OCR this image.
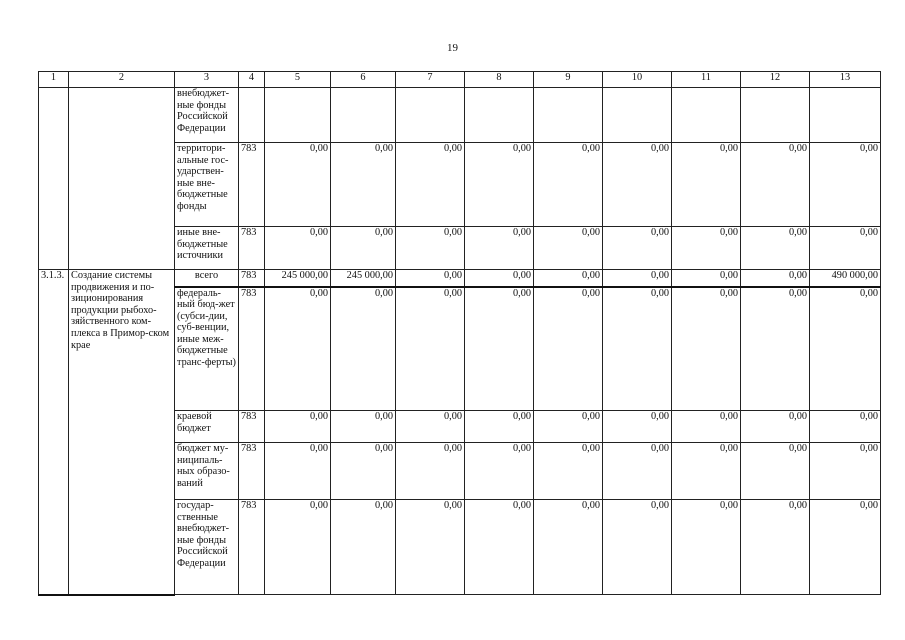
19
1	2	3	4	5	6	7	8	9	10	11	12	13
		внебюджет-ные фонды Российской Федерации										
		территори-альные гос-ударствен-ные вне-бюджетные фонды	783	0,00	0,00	0,00	0,00	0,00	0,00	0,00	0,00	0,00
		иные вне-бюджетные источники	783	0,00	0,00	0,00	0,00	0,00	0,00	0,00	0,00	0,00
3.1.3.	Создание системы продвижения и по-зиционирования продукции рыбохо-зяйственного ком-плекса в Примор-ском крае	всего	783	245 000,00	245 000,00	0,00	0,00	0,00	0,00	0,00	0,00	490 000,00
		федераль-ный бюд-жет (субси-дии, суб-венции, иные меж-бюджетные транс-ферты)	783	0,00	0,00	0,00	0,00	0,00	0,00	0,00	0,00	0,00
		краевой бюджет	783	0,00	0,00	0,00	0,00	0,00	0,00	0,00	0,00	0,00
		бюджет му-ниципаль-ных образо-ваний	783	0,00	0,00	0,00	0,00	0,00	0,00	0,00	0,00	0,00
		государ-ственные внебюджет-ные фонды Российской Федерации	783	0,00	0,00	0,00	0,00	0,00	0,00	0,00	0,00	0,00
